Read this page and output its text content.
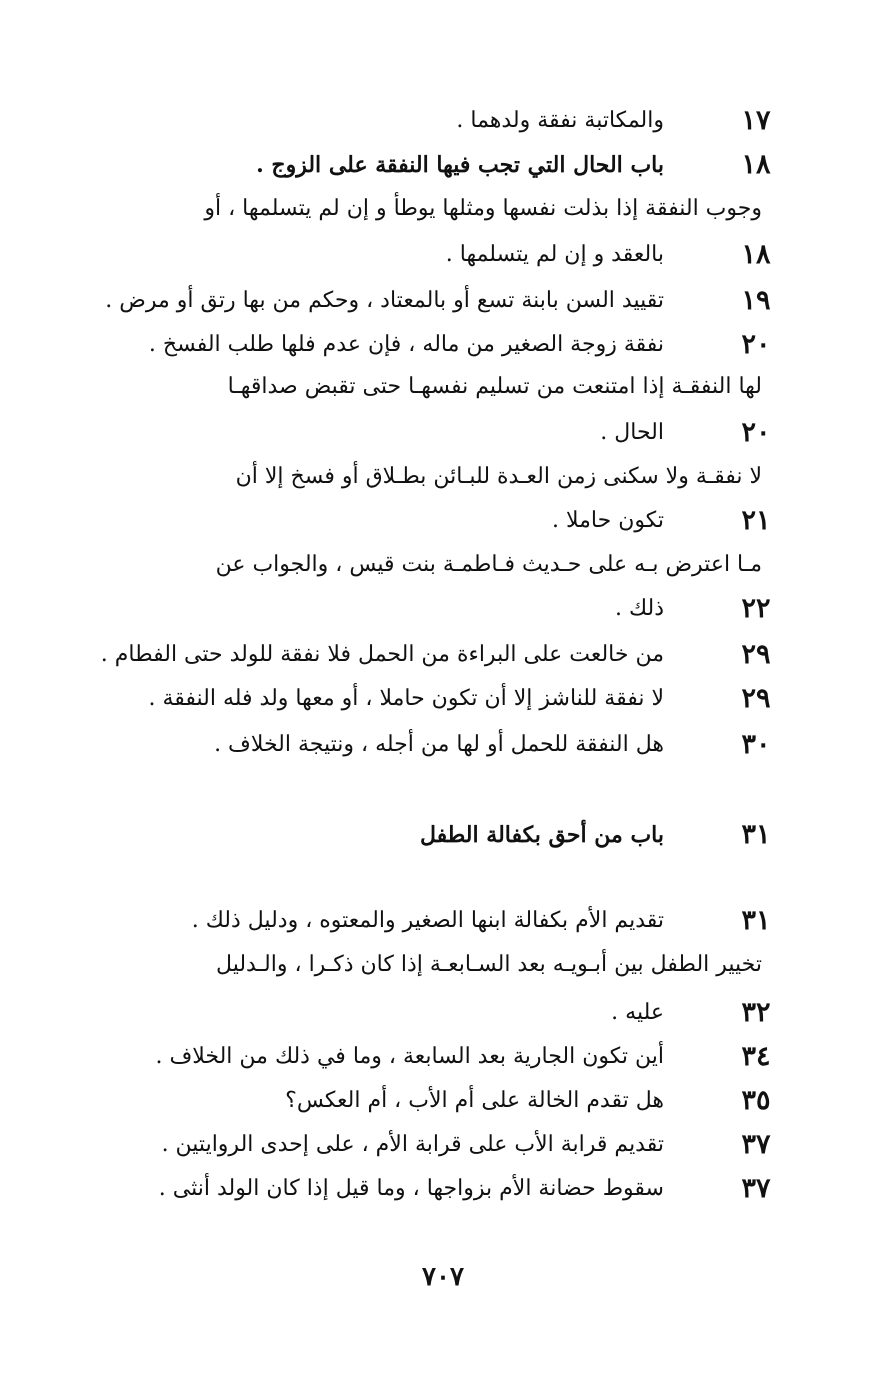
١٧
والمكاتبة نفقة ولدهما .
١٨
باب الحال التي تجب فيها النفقة على الزوج .
وجوب النفقة إذا بذلت نفسها ومثلها يوطأ و إن لم يتسلمها ، أو
١٨
بالعقد و إن لم يتسلمها .
١٩
تقييد السن بابنة تسع أو بالمعتاد ، وحكم من بها رتق أو مرض .
٢٠
نفقة زوجة الصغير من ماله ، فإن عدم فلها طلب الفسخ .
لها النفقـة إذا امتنعت من تسليم نفسهـا حتى تقبض صداقهـا
٢٠
الحال .
لا نفقـة ولا سكنى زمن العـدة للبـائن بطـلاق أو فسخ إلا أن
٢١
تكون حاملا .
مـا اعترض بـه على حـديث فـاطمـة بنت قيس ، والجواب عن
٢٢
ذلك .
٢٩
من خالعت على البراءة من الحمل فلا نفقة للولد حتى الفطام .
٢٩
لا نفقة للناشز إلا أن تكون حاملا ، أو معها ولد فله النفقة .
٣٠
هل النفقة للحمل أو لها من أجله ، ونتيجة الخلاف .
٣١
باب من أحق بكفالة الطفل
٣١
تقديم الأم بكفالة ابنها الصغير والمعتوه ، ودليل ذلك .
تخيير الطفل بين أبـويـه بعد السـابعـة إذا كان ذكـرا ، والـدليل
٣٢
عليه .
٣٤
أين تكون الجارية بعد السابعة ، وما في ذلك من الخلاف .
٣٥
هل تقدم الخالة على أم الأب ، أم العكس؟
٣٧
تقديم قرابة الأب على قرابة الأم ، على إحدى الروايتين .
٣٧
سقوط حضانة الأم بزواجها ، وما قيل إذا كان الولد أنثى .
٧٠٧
